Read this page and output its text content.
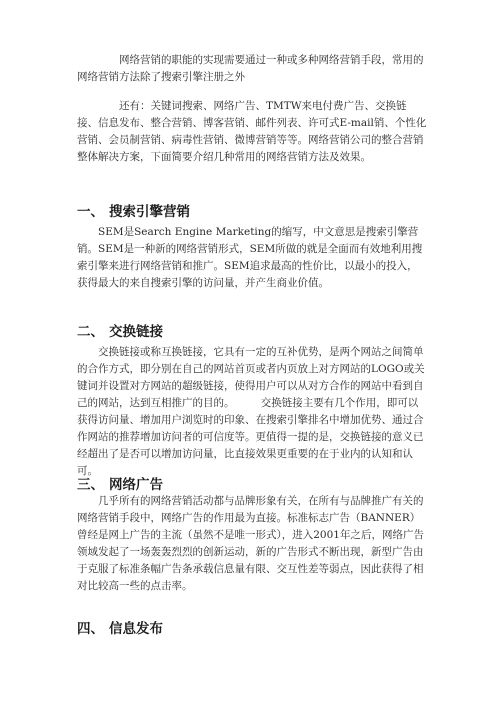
　　　　网络营销的职能的实现需要通过一种或多种网络营销手段，常用的网络营销方法除了搜索引擎注册之外

　　　　还有：关键词搜索、网络广告、TMTW来电付费广告、交换链接、信息发布、整合营销、博客营销、邮件列表、许可式E-mail销、个性化营销、会员制营销、病毒性营销、微博营销等等。网络营销公司的整合营销整体解决方案，下面简要介绍几种常用的网络营销方法及效果。

一、 搜索引擎营销

　　SEM是Search Engine Marketing的缩写，中文意思是搜索引擎营销。SEM是一种新的网络营销形式，SEM所做的就是全面而有效地利用搜索引擎来进行网络营销和推广。SEM追求最高的性价比，以最小的投入，获得最大的来自搜索引擎的访问量，并产生商业价值。

二、 交换链接

　　交换链接或称互换链接，它具有一定的互补优势，是两个网站之间简单的合作方式，即分别在自己的网站首页或者内页放上对方网站的LOGO或关键词并设置对方网站的超级链接，使得用户可以从对方合作的网站中看到自己的网站，达到互相推广的目的。　　　交换链接主要有几个作用，即可以获得访问量、增加用户浏览时的印象、在搜索引擎排名中增加优势、通过合作网站的推荐增加访问者的可信度等。更值得一提的是，交换链接的意义已经超出了是否可以增加访问量，比直接效果更重要的在于业内的认知和认可。

三、 网络广告

　　几乎所有的网络营销活动都与品牌形象有关，在所有与品牌推广有关的网络营销手段中，网络广告的作用最为直接。标准标志广告（BANNER）曾经是网上广告的主流（虽然不是唯一形式），进入2001年之后，网络广告领域发起了一场轰轰烈烈的创新运动，新的广告形式不断出现，新型广告由于克服了标准条幅广告条承载信息量有限、交互性差等弱点，因此获得了相对比较高一些的点击率。

四、 信息发布
